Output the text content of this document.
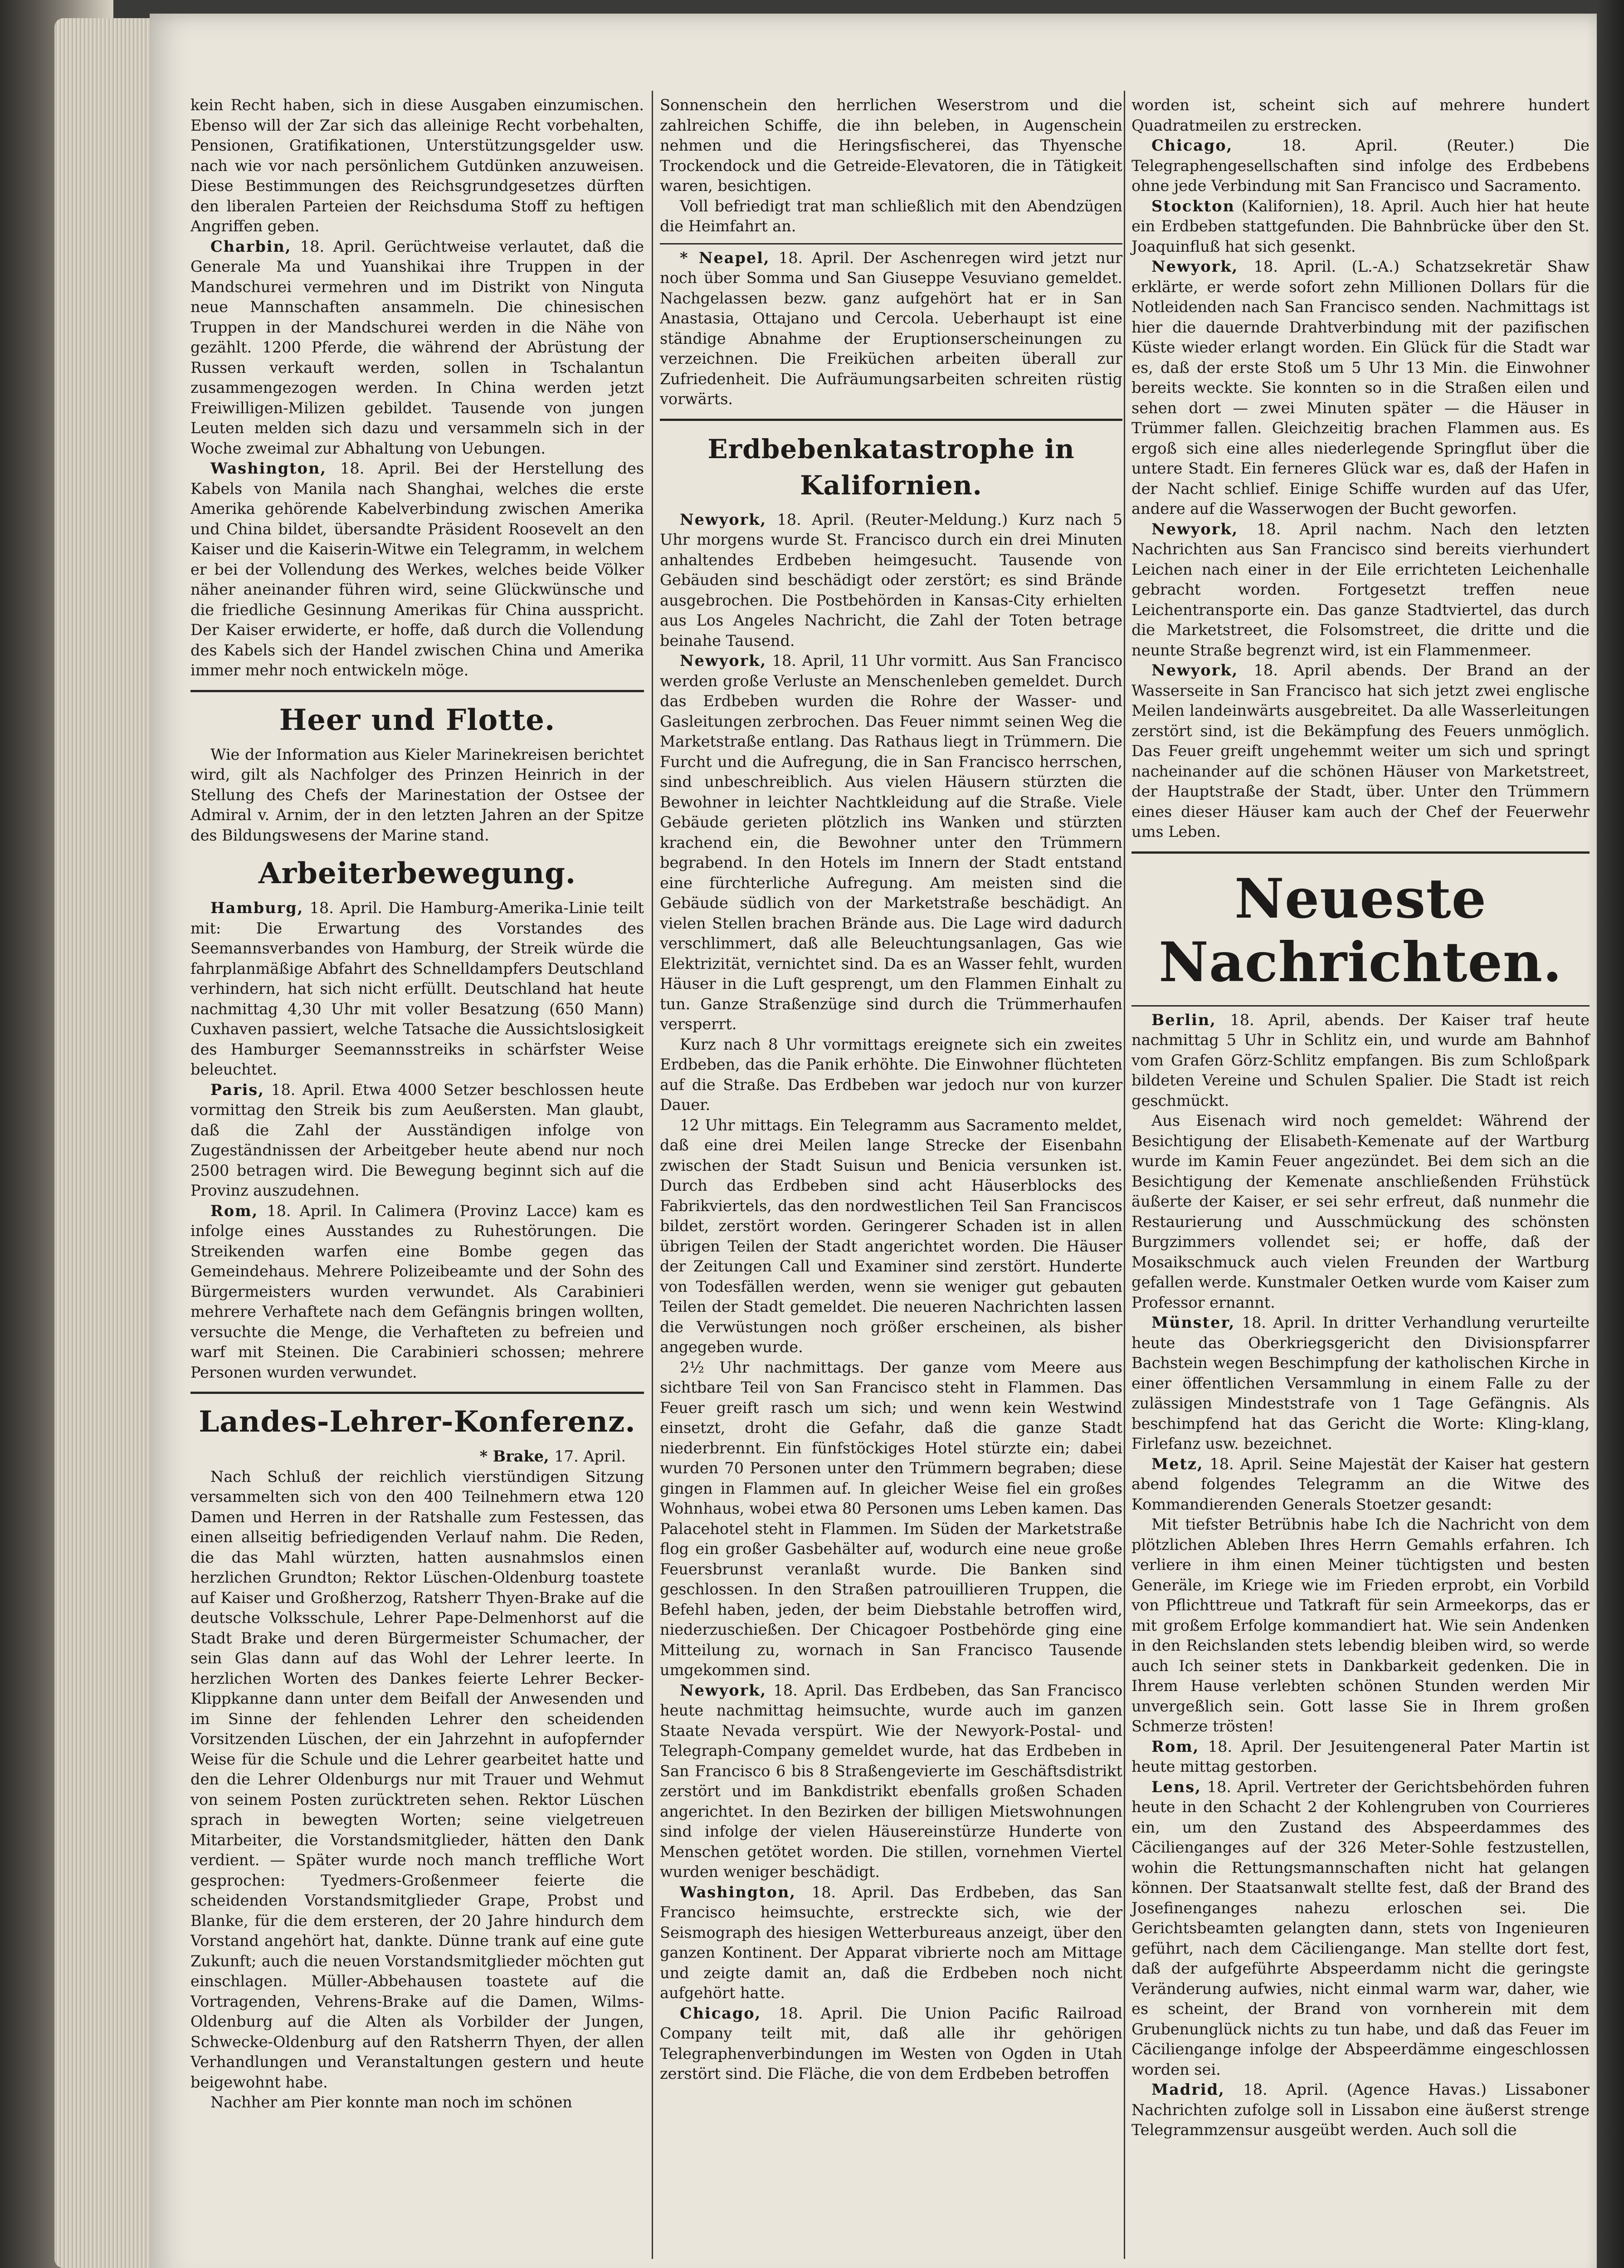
kein Recht haben, sich in diese Ausgaben einzumischen. Ebenso will der Zar sich das alleinige Recht vorbehalten, Pensionen, Gratifikationen, Unterstützungsgelder usw. nach wie vor nach persönlichem Gutdünken anzuweisen. Diese Bestimmungen des Reichsgrundgesetzes dürften den liberalen Parteien der Reichsduma Stoff zu heftigen Angriffen geben.

Charbin, 18. April. Gerüchtweise verlautet, daß die Generale Ma und Yuanshikai ihre Truppen in der Mandschurei vermehren und im Distrikt von Ninguta neue Mannschaften ansammeln. Die chinesischen Truppen in der Mandschurei werden in die Nähe von gezählt. 1200 Pferde, die während der Abrüstung der Russen verkauft werden, sollen in Tschalantun zusammengezogen werden. In China werden jetzt Freiwilligen-Milizen gebildet. Tausende von jungen Leuten melden sich dazu und versammeln sich in der Woche zweimal zur Abhaltung von Uebungen.

Washington, 18. April. Bei der Herstellung des Kabels von Manila nach Shanghai, welches die erste Amerika gehörende Kabelverbindung zwischen Amerika und China bildet, übersandte Präsident Roosevelt an den Kaiser und die Kaiserin-Witwe ein Telegramm, in welchem er bei der Vollendung des Werkes, welches beide Völker näher aneinander führen wird, seine Glückwünsche und die friedliche Gesinnung Amerikas für China ausspricht. Der Kaiser erwiderte, er hoffe, daß durch die Vollendung des Kabels sich der Handel zwischen China und Amerika immer mehr noch entwickeln möge.

Heer und Flotte.

Wie der Information aus Kieler Marinekreisen berichtet wird, gilt als Nachfolger des Prinzen Heinrich in der Stellung des Chefs der Marinestation der Ostsee der Admiral v. Arnim, der in den letzten Jahren an der Spitze des Bildungswesens der Marine stand.

Arbeiterbewegung.

Hamburg, 18. April. Die Hamburg-Amerika-Linie teilt mit: Die Erwartung des Vorstandes des Seemannsverbandes von Hamburg, der Streik würde die fahrplanmäßige Abfahrt des Schnelldampfers Deutschland verhindern, hat sich nicht erfüllt. Deutschland hat heute nachmittag 4,30 Uhr mit voller Besatzung (650 Mann) Cuxhaven passiert, welche Tatsache die Aussichtslosigkeit des Hamburger Seemannsstreiks in schärfster Weise beleuchtet.

Paris, 18. April. Etwa 4000 Setzer beschlossen heute vormittag den Streik bis zum Aeußersten. Man glaubt, daß die Zahl der Ausständigen infolge von Zugeständnissen der Arbeitgeber heute abend nur noch 2500 betragen wird. Die Bewegung beginnt sich auf die Provinz auszudehnen.

Rom, 18. April. In Calimera (Provinz Lacce) kam es infolge eines Ausstandes zu Ruhestörungen. Die Streikenden warfen eine Bombe gegen das Gemeindehaus. Mehrere Polizeibeamte und der Sohn des Bürgermeisters wurden verwundet. Als Carabinieri mehrere Verhaftete nach dem Gefängnis bringen wollten, versuchte die Menge, die Verhafteten zu befreien und warf mit Steinen. Die Carabinieri schossen; mehrere Personen wurden verwundet.

Landes-Lehrer-Konferenz.
* Brake, 17. April.

Nach Schluß der reichlich vierstündigen Sitzung versammelten sich von den 400 Teilnehmern etwa 120 Damen und Herren in der Ratshalle zum Festessen, das einen allseitig befriedigenden Verlauf nahm. Die Reden, die das Mahl würzten, hatten ausnahmslos einen herzlichen Grundton; Rektor Lüschen-Oldenburg toastete auf Kaiser und Großherzog, Ratsherr Thyen-Brake auf die deutsche Volksschule, Lehrer Pape-Delmenhorst auf die Stadt Brake und deren Bürgermeister Schumacher, der sein Glas dann auf das Wohl der Lehrer leerte. In herzlichen Worten des Dankes feierte Lehrer Becker-Klippkanne dann unter dem Beifall der Anwesenden und im Sinne der fehlenden Lehrer den scheidenden Vorsitzenden Lüschen, der ein Jahrzehnt in aufopfernder Weise für die Schule und die Lehrer gearbeitet hatte und den die Lehrer Oldenburgs nur mit Trauer und Wehmut von seinem Posten zurücktreten sehen. Rektor Lüschen sprach in bewegten Worten; seine vielgetreuen Mitarbeiter, die Vorstandsmitglieder, hätten den Dank verdient. — Später wurde noch manch treffliche Wort gesprochen: Tyedmers-Großenmeer feierte die scheidenden Vorstandsmitglieder Grape, Probst und Blanke, für die dem ersteren, der 20 Jahre hindurch dem Vorstand angehört hat, dankte. Dünne trank auf eine gute Zukunft; auch die neuen Vorstandsmitglieder möchten gut einschlagen. Müller-Abbehausen toastete auf die Vortragenden, Vehrens-Brake auf die Damen, Wilms-Oldenburg auf die Alten als Vorbilder der Jungen, Schwecke-Oldenburg auf den Ratsherrn Thyen, der allen Verhandlungen und Veranstaltungen gestern und heute beigewohnt habe.

Nachher am Pier konnte man noch im schönen

Sonnenschein den herrlichen Weserstrom und die zahlreichen Schiffe, die ihn beleben, in Augenschein nehmen und die Heringsfischerei, das Thyensche Trockendock und die Getreide-Elevatoren, die in Tätigkeit waren, besichtigen.

Voll befriedigt trat man schließlich mit den Abendzügen die Heimfahrt an.

* Neapel, 18. April. Der Aschenregen wird jetzt nur noch über Somma und San Giuseppe Vesuviano gemeldet. Nachgelassen bezw. ganz aufgehört hat er in San Anastasia, Ottajano und Cercola. Ueberhaupt ist eine ständige Abnahme der Eruptionserscheinungen zu verzeichnen. Die Freiküchen arbeiten überall zur Zufriedenheit. Die Aufräumungsarbeiten schreiten rüstig vorwärts.

Erdbebenkatastrophe in Kalifornien.

Newyork, 18. April. (Reuter-Meldung.) Kurz nach 5 Uhr morgens wurde St. Francisco durch ein drei Minuten anhaltendes Erdbeben heimgesucht. Tausende von Gebäuden sind beschädigt oder zerstört; es sind Brände ausgebrochen. Die Postbehörden in Kansas-City erhielten aus Los Angeles Nachricht, die Zahl der Toten betrage beinahe Tausend.

Newyork, 18. April, 11 Uhr vormitt. Aus San Francisco werden große Verluste an Menschenleben gemeldet. Durch das Erdbeben wurden die Rohre der Wasser- und Gasleitungen zerbrochen. Das Feuer nimmt seinen Weg die Marketstraße entlang. Das Rathaus liegt in Trümmern. Die Furcht und die Aufregung, die in San Francisco herrschen, sind unbeschreiblich. Aus vielen Häusern stürzten die Bewohner in leichter Nachtkleidung auf die Straße. Viele Gebäude gerieten plötzlich ins Wanken und stürzten krachend ein, die Bewohner unter den Trümmern begrabend. In den Hotels im Innern der Stadt entstand eine fürchterliche Aufregung. Am meisten sind die Gebäude südlich von der Marketstraße beschädigt. An vielen Stellen brachen Brände aus. Die Lage wird dadurch verschlimmert, daß alle Beleuchtungsanlagen, Gas wie Elektrizität, vernichtet sind. Da es an Wasser fehlt, wurden Häuser in die Luft gesprengt, um den Flammen Einhalt zu tun. Ganze Straßenzüge sind durch die Trümmerhaufen versperrt.

Kurz nach 8 Uhr vormittags ereignete sich ein zweites Erdbeben, das die Panik erhöhte. Die Einwohner flüchteten auf die Straße. Das Erdbeben war jedoch nur von kurzer Dauer.

12 Uhr mittags. Ein Telegramm aus Sacramento meldet, daß eine drei Meilen lange Strecke der Eisenbahn zwischen der Stadt Suisun und Benicia versunken ist. Durch das Erdbeben sind acht Häuserblocks des Fabrikviertels, das den nordwestlichen Teil San Franciscos bildet, zerstört worden. Geringerer Schaden ist in allen übrigen Teilen der Stadt angerichtet worden. Die Häuser der Zeitungen Call und Examiner sind zerstört. Hunderte von Todesfällen werden, wenn sie weniger gut gebauten Teilen der Stadt gemeldet. Die neueren Nachrichten lassen die Verwüstungen noch größer erscheinen, als bisher angegeben wurde.

2½ Uhr nachmittags. Der ganze vom Meere aus sichtbare Teil von San Francisco steht in Flammen. Das Feuer greift rasch um sich; und wenn kein Westwind einsetzt, droht die Gefahr, daß die ganze Stadt niederbrennt. Ein fünfstöckiges Hotel stürzte ein; dabei wurden 70 Personen unter den Trümmern begraben; diese gingen in Flammen auf. In gleicher Weise fiel ein großes Wohnhaus, wobei etwa 80 Personen ums Leben kamen. Das Palacehotel steht in Flammen. Im Süden der Marketstraße flog ein großer Gasbehälter auf, wodurch eine neue große Feuersbrunst veranlaßt wurde. Die Banken sind geschlossen. In den Straßen patrouillieren Truppen, die Befehl haben, jeden, der beim Diebstahle betroffen wird, niederzuschießen. Der Chicagoer Postbehörde ging eine Mitteilung zu, wornach in San Francisco Tausende umgekommen sind.

Newyork, 18. April. Das Erdbeben, das San Francisco heute nachmittag heimsuchte, wurde auch im ganzen Staate Nevada verspürt. Wie der Newyork-Postal- und Telegraph-Company gemeldet wurde, hat das Erdbeben in San Francisco 6 bis 8 Straßengevierte im Geschäftsdistrikt zerstört und im Bankdistrikt ebenfalls großen Schaden angerichtet. In den Bezirken der billigen Mietswohnungen sind infolge der vielen Häusereinstürze Hunderte von Menschen getötet worden. Die stillen, vornehmen Viertel wurden weniger beschädigt.

Washington, 18. April. Das Erdbeben, das San Francisco heimsuchte, erstreckte sich, wie der Seismograph des hiesigen Wetterbureaus anzeigt, über den ganzen Kontinent. Der Apparat vibrierte noch am Mittage und zeigte damit an, daß die Erdbeben noch nicht aufgehört hatte.

Chicago, 18. April. Die Union Pacific Railroad Company teilt mit, daß alle ihr gehörigen Telegraphenverbindungen im Westen von Ogden in Utah zerstört sind. Die Fläche, die von dem Erdbeben betroffen

worden ist, scheint sich auf mehrere hundert Quadratmeilen zu erstrecken.

Chicago,	18. April. (Reuter.) Die Telegraphengesellschaften sind infolge des Erdbebens ohne jede Verbindung mit San Francisco und Sacramento.

Stockton (Kalifornien), 18. April. Auch hier hat heute ein Erdbeben stattgefunden. Die Bahnbrücke über den St. Joaquinfluß hat sich gesenkt.

Newyork, 18. April. (L.-A.) Schatzsekretär Shaw erklärte, er werde sofort zehn Millionen Dollars für die Notleidenden nach San Francisco senden. Nachmittags ist hier die dauernde Drahtverbindung mit der pazifischen Küste wieder erlangt worden. Ein Glück für die Stadt war es, daß der erste Stoß um 5 Uhr 13 Min. die Einwohner bereits weckte. Sie konnten so in die Straßen eilen und sehen dort — zwei Minuten später — die Häuser in Trümmer fallen. Gleichzeitig brachen Flammen aus. Es ergoß sich eine alles niederlegende Springflut über die untere Stadt. Ein ferneres Glück war es, daß der Hafen in der Nacht schlief. Einige Schiffe wurden auf das Ufer, andere auf die Wasserwogen der Bucht geworfen.

Newyork, 18. April nachm. Nach den letzten Nachrichten aus San Francisco sind bereits vierhundert Leichen nach einer in der Eile errichteten Leichenhalle gebracht worden. Fortgesetzt treffen neue Leichentransporte ein. Das ganze Stadtviertel, das durch die Marketstreet, die Folsomstreet, die dritte und die neunte Straße begrenzt wird, ist ein Flammenmeer.

Newyork, 18. April abends. Der Brand an der Wasserseite in San Francisco hat sich jetzt zwei englische Meilen landeinwärts ausgebreitet. Da alle Wasserleitungen zerstört sind, ist die Bekämpfung des Feuers unmöglich. Das Feuer greift ungehemmt weiter um sich und springt nacheinander auf die schönen Häuser von Marketstreet, der Hauptstraße der Stadt, über. Unter den Trümmern eines dieser Häuser kam auch der Chef der Feuerwehr ums Leben.

Neueste Nachrichten.

Berlin, 18. April, abends. Der Kaiser traf heute nachmittag 5 Uhr in Schlitz ein, und wurde am Bahnhof vom Grafen Görz-Schlitz empfangen. Bis zum Schloßpark bildeten Vereine und Schulen Spalier. Die Stadt ist reich geschmückt.

Aus Eisenach wird noch gemeldet: Während der Besichtigung der Elisabeth-Kemenate auf der Wartburg wurde im Kamin Feuer angezündet. Bei dem sich an die Besichtigung der Kemenate anschließenden Frühstück äußerte der Kaiser, er sei sehr erfreut, daß nunmehr die Restaurierung und Ausschmückung des schönsten Burgzimmers vollendet sei; er hoffe, daß der Mosaikschmuck auch vielen Freunden der Wartburg gefallen werde. Kunstmaler Oetken wurde vom Kaiser zum Professor ernannt.

Münster, 18. April. In dritter Verhandlung verurteilte heute das Oberkriegsgericht den Divisionspfarrer Bachstein wegen Beschimpfung der katholischen Kirche in einer öffentlichen Versammlung in einem Falle zu der zulässigen Mindeststrafe von 1 Tage Gefängnis. Als beschimpfend hat das Gericht die Worte: Kling-klang, Firlefanz usw. bezeichnet.

Metz, 18. April. Seine Majestät der Kaiser hat gestern abend folgendes Telegramm an die Witwe des Kommandierenden Generals Stoetzer gesandt:

Mit tiefster Betrübnis habe Ich die Nachricht von dem plötzlichen Ableben Ihres Herrn Gemahls erfahren. Ich verliere in ihm einen Meiner tüchtigsten und besten Generäle, im Kriege wie im Frieden erprobt, ein Vorbild von Pflichttreue und Tatkraft für sein Armeekorps, das er mit großem Erfolge kommandiert hat. Wie sein Andenken in den Reichslanden stets lebendig bleiben wird, so werde auch Ich seiner stets in Dankbarkeit gedenken. Die in Ihrem Hause verlebten schönen Stunden werden Mir unvergeßlich sein. Gott lasse Sie in Ihrem großen Schmerze trösten!

Rom, 18. April. Der Jesuitengeneral Pater Martin ist heute mittag gestorben.

Lens, 18. April. Vertreter der Gerichtsbehörden fuhren heute in den Schacht 2 der Kohlengruben von Courrieres ein, um den Zustand des Abspeerdammes des Cäcilienganges auf der 326 Meter-Sohle festzustellen, wohin die Rettungsmannschaften nicht hat gelangen können. Der Staatsanwalt stellte fest, daß der Brand des Josefinenganges nahezu erloschen sei. Die Gerichtsbeamten gelangten dann, stets von Ingenieuren geführt, nach dem Cäciliengange. Man stellte dort fest, daß der aufgeführte Abspeerdamm nicht die geringste Veränderung aufwies, nicht einmal warm war, daher, wie es scheint, der Brand von vornherein mit dem Grubenunglück nichts zu tun habe, und daß das Feuer im Cäciliengange infolge der Abspeerdämme eingeschlossen worden sei.

Madrid, 18. April. (Agence Havas.) Lissaboner Nachrichten zufolge soll in Lissabon eine äußerst strenge Telegrammzensur ausgeübt werden. Auch soll die
